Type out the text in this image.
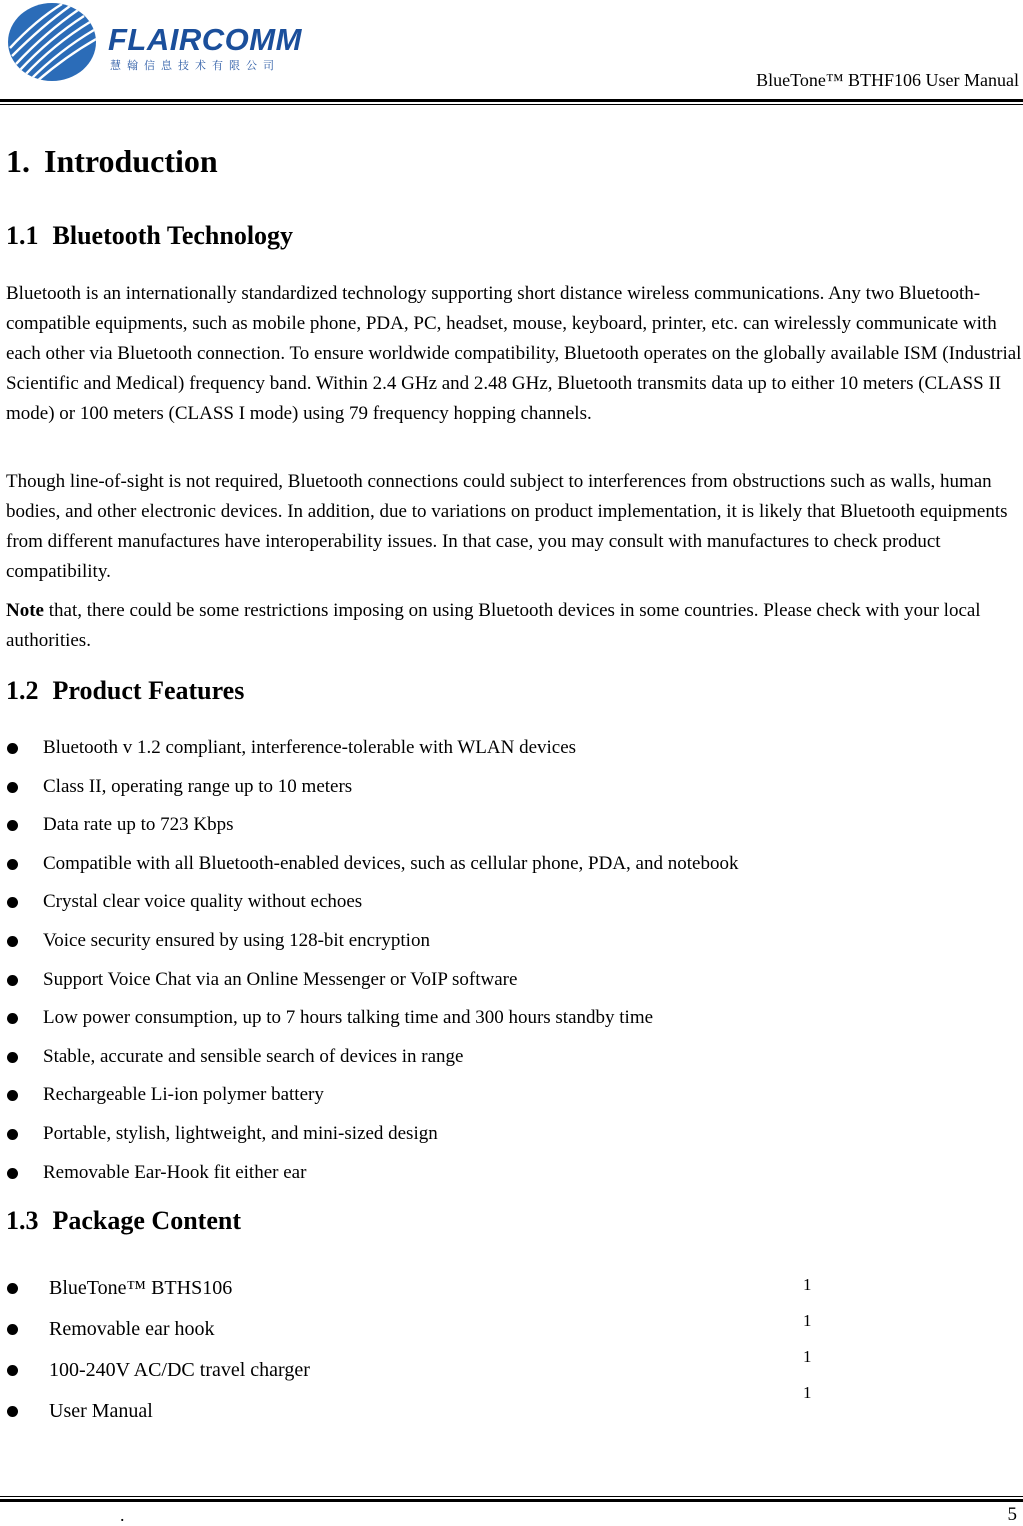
FLAIRCOMM
慧翰信息技术有限公司
BlueTone™ BTHF106 User Manual
1. Introduction
1.1 Bluetooth Technology

Bluetooth is an internationally standardized technology supporting short distance wireless communications. Any two Bluetooth-compatible equipments, such as mobile phone, PDA, PC, headset, mouse, keyboard, printer, etc. can wirelessly communicate with each other via Bluetooth connection. To ensure worldwide compatibility, Bluetooth operates on the globally available ISM (Industrial Scientific and Medical) frequency band. Within 2.4 GHz and 2.48 GHz, Bluetooth transmits data up to either 10 meters (CLASS II mode) or 100 meters (CLASS I mode) using 79 frequency hopping channels.

Though line-of-sight is not required, Bluetooth connections could subject to interferences from obstructions such as walls, human bodies, and other electronic devices. In addition, due to variations on product implementation, it is likely that Bluetooth equipments from different manufactures have interoperability issues. In that case, you may consult with manufactures to check product compatibility.

Note that, there could be some restrictions imposing on using Bluetooth devices in some countries. Please check with your local authorities.

1.2 Product Features
Bluetooth v 1.2 compliant, interference-tolerable with WLAN devices
Class II, operating range up to 10 meters
Data rate up to 723 Kbps
Compatible with all Bluetooth-enabled devices, such as cellular phone, PDA, and notebook
Crystal clear voice quality without echoes
Voice security ensured by using 128-bit encryption
Support Voice Chat via an Online Messenger or VoIP software
Low power consumption, up to 7 hours talking time and 300 hours standby time
Stable, accurate and sensible search of devices in range
Rechargeable Li-ion polymer battery
Portable, stylish, lightweight, and mini-sized design
Removable Ear-Hook fit either ear
1.3 Package Content
BlueTone™ BTHS106
Removable ear hook
100-240V AC/DC travel charger
User Manual
1
1
1
1
.	5
